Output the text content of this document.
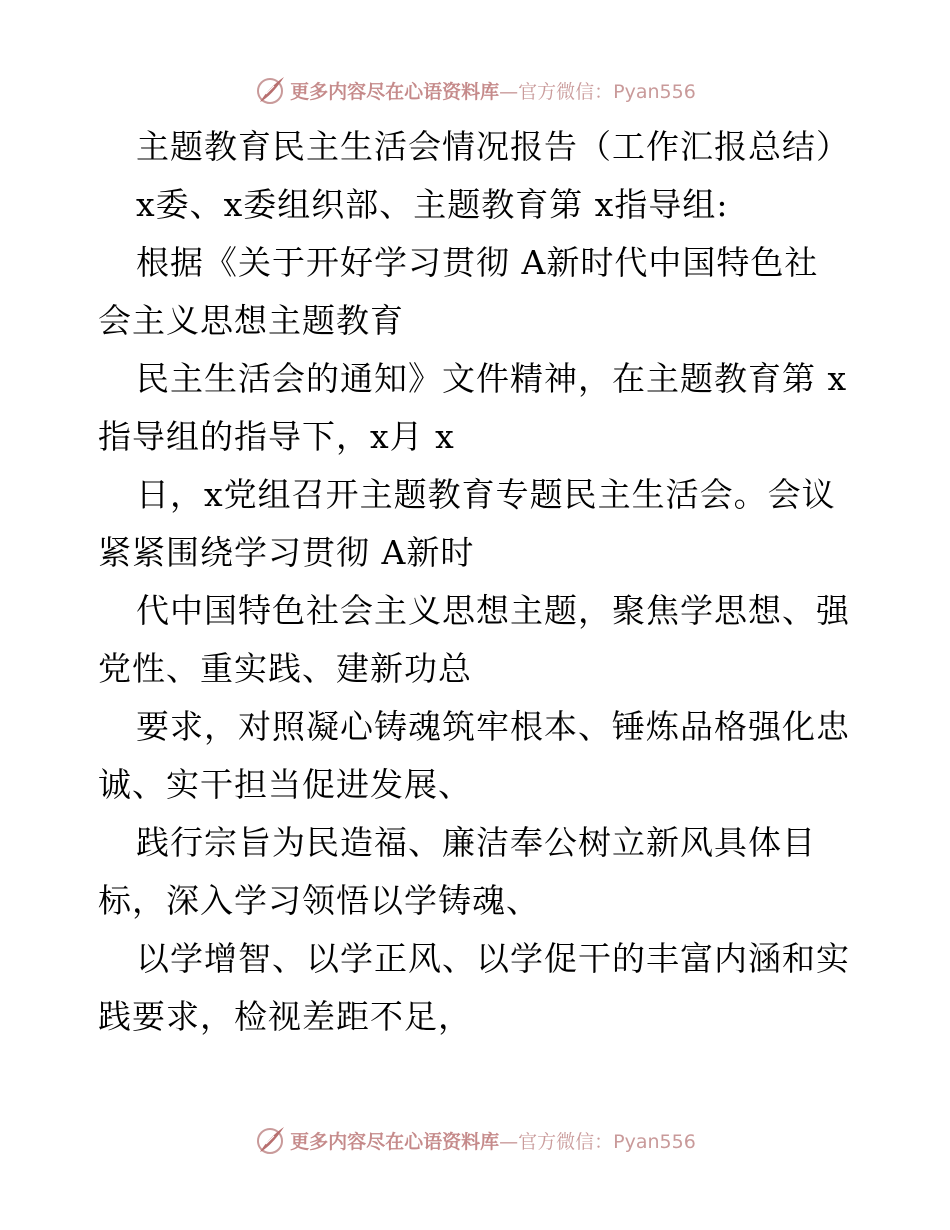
更多内容尽在心语资料库—官方微信：Pyan556
主题教育民主生活会情况报告（工作汇报总结）
x委、x委组织部、主题教育第 x指导组:
根据《关于开好学习贯彻 A新时代中国特色社
会主义思想主题教育
民主生活会的通知》文件精神，在主题教育第 x
指导组的指导下，x月 x
日，x党组召开主题教育专题民主生活会。会议
紧紧围绕学习贯彻 A新时
代中国特色社会主义思想主题，聚焦学思想、强
党性、重实践、建新功总
要求，对照凝心铸魂筑牢根本、锤炼品格强化忠
诚、实干担当促进发展、
践行宗旨为民造福、廉洁奉公树立新风具体目
标，深入学习领悟以学铸魂、
以学增智、以学正风、以学促干的丰富内涵和实
践要求，检视差距不足，
更多内容尽在心语资料库—官方微信：Pyan556
